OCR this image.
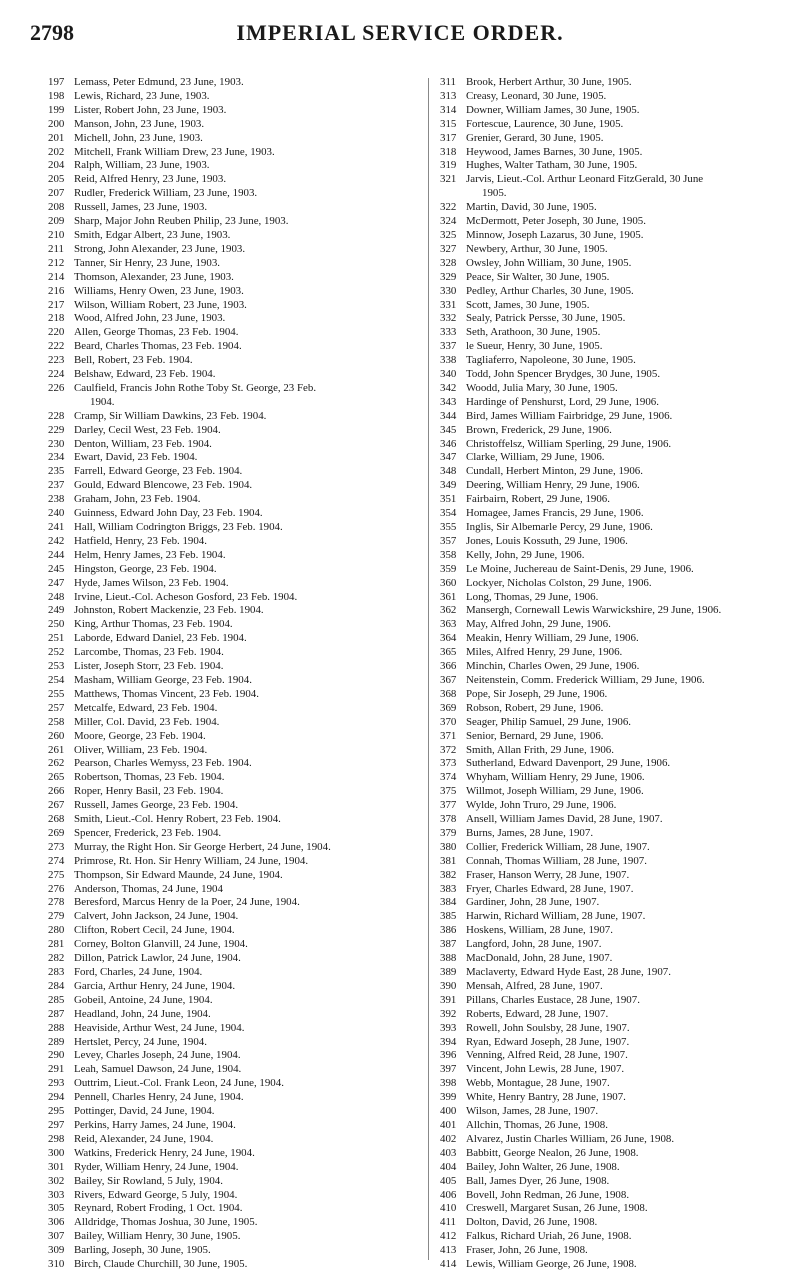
2798	IMPERIAL SERVICE ORDER.
197 Lemass, Peter Edmund, 23 June, 1903.
198 Lewis, Richard, 23 June, 1903.
199 Lister, Robert John, 23 June, 1903.
200 Manson, John, 23 June, 1903.
201 Michell, John, 23 June, 1903.
202 Mitchell, Frank William Drew, 23 June, 1903.
204 Ralph, William, 23 June, 1903.
205 Reid, Alfred Henry, 23 June, 1903.
207 Rudler, Frederick William, 23 June, 1903.
208 Russell, James, 23 June, 1903.
209 Sharp, Major John Reuben Philip, 23 June, 1903.
210 Smith, Edgar Albert, 23 June, 1903.
211 Strong, John Alexander, 23 June, 1903.
212 Tanner, Sir Henry, 23 June, 1903.
214 Thomson, Alexander, 23 June, 1903.
216 Williams, Henry Owen, 23 June, 1903.
217 Wilson, William Robert, 23 June, 1903.
218 Wood, Alfred John, 23 June, 1903.
220 Allen, George Thomas, 23 Feb. 1904.
222 Beard, Charles Thomas, 23 Feb. 1904.
223 Bell, Robert, 23 Feb. 1904.
224 Belshaw, Edward, 23 Feb. 1904.
226 Caulfield, Francis John Rothe Toby St. George, 23 Feb.
1904.
228 Cramp, Sir William Dawkins, 23 Feb. 1904.
229 Darley, Cecil West, 23 Feb. 1904.
230 Denton, William, 23 Feb. 1904.
234 Ewart, David, 23 Feb. 1904.
235 Farrell, Edward George, 23 Feb. 1904.
237 Gould, Edward Blencowe, 23 Feb. 1904.
238 Graham, John, 23 Feb. 1904.
240 Guinness, Edward John Day, 23 Feb. 1904.
241 Hall, William Codrington Briggs, 23 Feb. 1904.
242 Hatfield, Henry, 23 Feb. 1904.
244 Helm, Henry James, 23 Feb. 1904.
245 Hingston, George, 23 Feb. 1904.
247 Hyde, James Wilson, 23 Feb. 1904.
248 Irvine, Lieut.-Col. Acheson Gosford, 23 Feb. 1904.
249 Johnston, Robert Mackenzie, 23 Feb. 1904.
250 King, Arthur Thomas, 23 Feb. 1904.
251 Laborde, Edward Daniel, 23 Feb. 1904.
252 Larcombe, Thomas, 23 Feb. 1904.
253 Lister, Joseph Storr, 23 Feb. 1904.
254 Masham, William George, 23 Feb. 1904.
255 Matthews, Thomas Vincent, 23 Feb. 1904.
257 Metcalfe, Edward, 23 Feb. 1904.
258 Miller, Col. David, 23 Feb. 1904.
260 Moore, George, 23 Feb. 1904.
261 Oliver, William, 23 Feb. 1904.
262 Pearson, Charles Wemyss, 23 Feb. 1904.
265 Robertson, Thomas, 23 Feb. 1904.
266 Roper, Henry Basil, 23 Feb. 1904.
267 Russell, James George, 23 Feb. 1904.
268 Smith, Lieut.-Col. Henry Robert, 23 Feb. 1904.
269 Spencer, Frederick, 23 Feb. 1904.
273 Murray, the Right Hon. Sir George Herbert, 24 June, 1904.
274 Primrose, Rt. Hon. Sir Henry William, 24 June, 1904.
275 Thompson, Sir Edward Maunde, 24 June, 1904.
276 Anderson, Thomas, 24 June, 1904
278 Beresford, Marcus Henry de la Poer, 24 June, 1904.
279 Calvert, John Jackson, 24 June, 1904.
280 Clifton, Robert Cecil, 24 June, 1904.
281 Corney, Bolton Glanvill, 24 June, 1904.
282 Dillon, Patrick Lawlor, 24 June, 1904.
283 Ford, Charles, 24 June, 1904.
284 Garcia, Arthur Henry, 24 June, 1904.
285 Gobeil, Antoine, 24 June, 1904.
287 Headland, John, 24 June, 1904.
288 Heaviside, Arthur West, 24 June, 1904.
289 Hertslet, Percy, 24 June, 1904.
290 Levey, Charles Joseph, 24 June, 1904.
291 Leah, Samuel Dawson, 24 June, 1904.
293 Outtrim, Lieut.-Col. Frank Leon, 24 June, 1904.
294 Pennell, Charles Henry, 24 June, 1904.
295 Pottinger, David, 24 June, 1904.
297 Perkins, Harry James, 24 June, 1904.
298 Reid, Alexander, 24 June, 1904.
300 Watkins, Frederick Henry, 24 June, 1904.
301 Ryder, William Henry, 24 June, 1904.
302 Bailey, Sir Rowland, 5 July, 1904.
303 Rivers, Edward George, 5 July, 1904.
305 Reynard, Robert Froding, 1 Oct. 1904.
306 Alldridge, Thomas Joshua, 30 June, 1905.
307 Bailey, William Henry, 30 June, 1905.
309 Barling, Joseph, 30 June, 1905.
310 Birch, Claude Churchill, 30 June, 1905.
311 Brook, Herbert Arthur, 30 June, 1905.
313 Creasy, Leonard, 30 June, 1905.
314 Downer, William James, 30 June, 1905.
315 Fortescue, Laurence, 30 June, 1905.
317 Grenier, Gerard, 30 June, 1905.
318 Heywood, James Barnes, 30 June, 1905.
319 Hughes, Walter Tatham, 30 June, 1905.
321 Jarvis, Lieut.-Col. Arthur Leonard FitzGerald, 30 June
1905.
322 Martin, David, 30 June, 1905.
324 McDermott, Peter Joseph, 30 June, 1905.
325 Minnow, Joseph Lazarus, 30 June, 1905.
327 Newbery, Arthur, 30 June, 1905.
328 Owsley, John William, 30 June, 1905.
329 Peace, Sir Walter, 30 June, 1905.
330 Pedley, Arthur Charles, 30 June, 1905.
331 Scott, James, 30 June, 1905.
332 Sealy, Patrick Persse, 30 June, 1905.
333 Seth, Arathoon, 30 June, 1905.
337 le Sueur, Henry, 30 June, 1905.
338 Tagliaferro, Napoleone, 30 June, 1905.
340 Todd, John Spencer Brydges, 30 June, 1905.
342 Woodd, Julia Mary, 30 June, 1905.
343 Hardinge of Penshurst, Lord, 29 June, 1906.
344 Bird, James William Fairbridge, 29 June, 1906.
345 Brown, Frederick, 29 June, 1906.
346 Christoffelsz, William Sperling, 29 June, 1906.
347 Clarke, William, 29 June, 1906.
348 Cundall, Herbert Minton, 29 June, 1906.
349 Deering, William Henry, 29 June, 1906.
351 Fairbairn, Robert, 29 June, 1906.
354 Homagee, James Francis, 29 June, 1906.
355 Inglis, Sir Albemarle Percy, 29 June, 1906.
357 Jones, Louis Kossuth, 29 June, 1906.
358 Kelly, John, 29 June, 1906.
359 Le Moine, Juchereau de Saint-Denis, 29 June, 1906.
360 Lockyer, Nicholas Colston, 29 June, 1906.
361 Long, Thomas, 29 June, 1906.
362 Mansergh, Cornewall Lewis Warwickshire, 29 June, 1906.
363 May, Alfred John, 29 June, 1906.
364 Meakin, Henry William, 29 June, 1906.
365 Miles, Alfred Henry, 29 June, 1906.
366 Minchin, Charles Owen, 29 June, 1906.
367 Neitenstein, Comm. Frederick William, 29 June, 1906.
368 Pope, Sir Joseph, 29 June, 1906.
369 Robson, Robert, 29 June, 1906.
370 Seager, Philip Samuel, 29 June, 1906.
371 Senior, Bernard, 29 June, 1906.
372 Smith, Allan Frith, 29 June, 1906.
373 Sutherland, Edward Davenport, 29 June, 1906.
374 Whyham, William Henry, 29 June, 1906.
375 Willmot, Joseph William, 29 June, 1906.
377 Wylde, John Truro, 29 June, 1906.
378 Ansell, William James David, 28 June, 1907.
379 Burns, James, 28 June, 1907.
380 Collier, Frederick William, 28 June, 1907.
381 Connah, Thomas William, 28 June, 1907.
382 Fraser, Hanson Werry, 28 June, 1907.
383 Fryer, Charles Edward, 28 June, 1907.
384 Gardiner, John, 28 June, 1907.
385 Harwin, Richard William, 28 June, 1907.
386 Hoskens, William, 28 June, 1907.
387 Langford, John, 28 June, 1907.
388 MacDonald, John, 28 June, 1907.
389 Maclaverty, Edward Hyde East, 28 June, 1907.
390 Mensah, Alfred, 28 June, 1907.
391 Pillans, Charles Eustace, 28 June, 1907.
392 Roberts, Edward, 28 June, 1907.
393 Rowell, John Soulsby, 28 June, 1907.
394 Ryan, Edward Joseph, 28 June, 1907.
396 Venning, Alfred Reid, 28 June, 1907.
397 Vincent, John Lewis, 28 June, 1907.
398 Webb, Montague, 28 June, 1907.
399 White, Henry Bantry, 28 June, 1907.
400 Wilson, James, 28 June, 1907.
401 Allchin, Thomas, 26 June, 1908.
402 Alvarez, Justin Charles William, 26 June, 1908.
403 Babbitt, George Nealon, 26 June, 1908.
404 Bailey, John Walter, 26 June, 1908.
405 Ball, James Dyer, 26 June, 1908.
406 Bovell, John Redman, 26 June, 1908.
410 Creswell, Margaret Susan, 26 June, 1908.
411 Dolton, David, 26 June, 1908.
412 Falkus, Richard Uriah, 26 June, 1908.
413 Fraser, John, 26 June, 1908.
414 Lewis, William George, 26 June, 1908.
